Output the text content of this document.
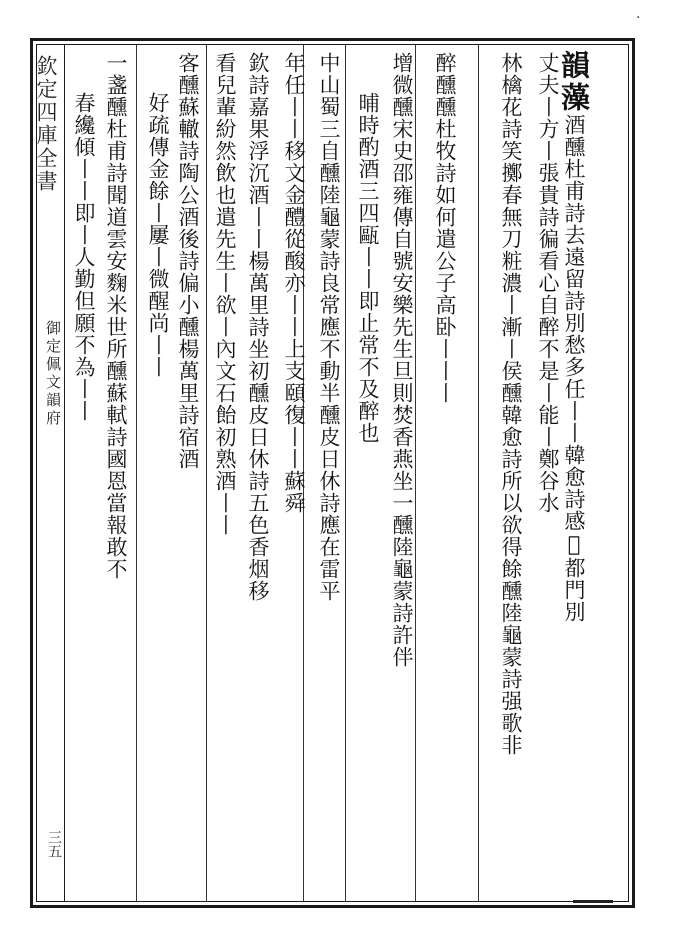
欽定四庫全書
御定佩文韻府
三五
·
韻藻酒醺杜甫詩去遠留詩別愁多任丨丨韓愈詩感𡵨都門別
丈夫丨方丨張貴詩徧看心自醉不是丨能丨鄭谷水
林檎花詩笑擲春無刀粧濃丨漸丨侯醺韓愈詩所以欲得餘醺陸龜蒙詩强歌非
醉醺醺杜牧詩如何遣公子高卧丨丨丨
增微醺宋史邵雍傳自號安樂先生旦則焚香燕坐一醺陸龜蒙詩許伴
晡時酌酒三四甌丨丨即止常不及醉也
中山蜀三自醺陸龜蒙詩良常應不動半醺皮日休詩應在雷平
年任丨丨移文金醴從酸亦丨丨上支頤復丨丨蘇舜
欽詩嘉果浮沉酒丨丨楊萬里詩坐初醺皮日休詩五色香烟移
看兒輩紛然飲也遣先生丨欲丨內文石飴初熟酒丨丨
客醺蘇轍詩陶公酒後詩偏小醺楊萬里詩宿酒
好疏傳金餘丨屢丨微醒尚丨丨
一盞醺杜甫詩聞道雲安麴米世所醺蘇軾詩國恩當報敢不
春纔傾丨丨即丨人勤但願不為丨丨
